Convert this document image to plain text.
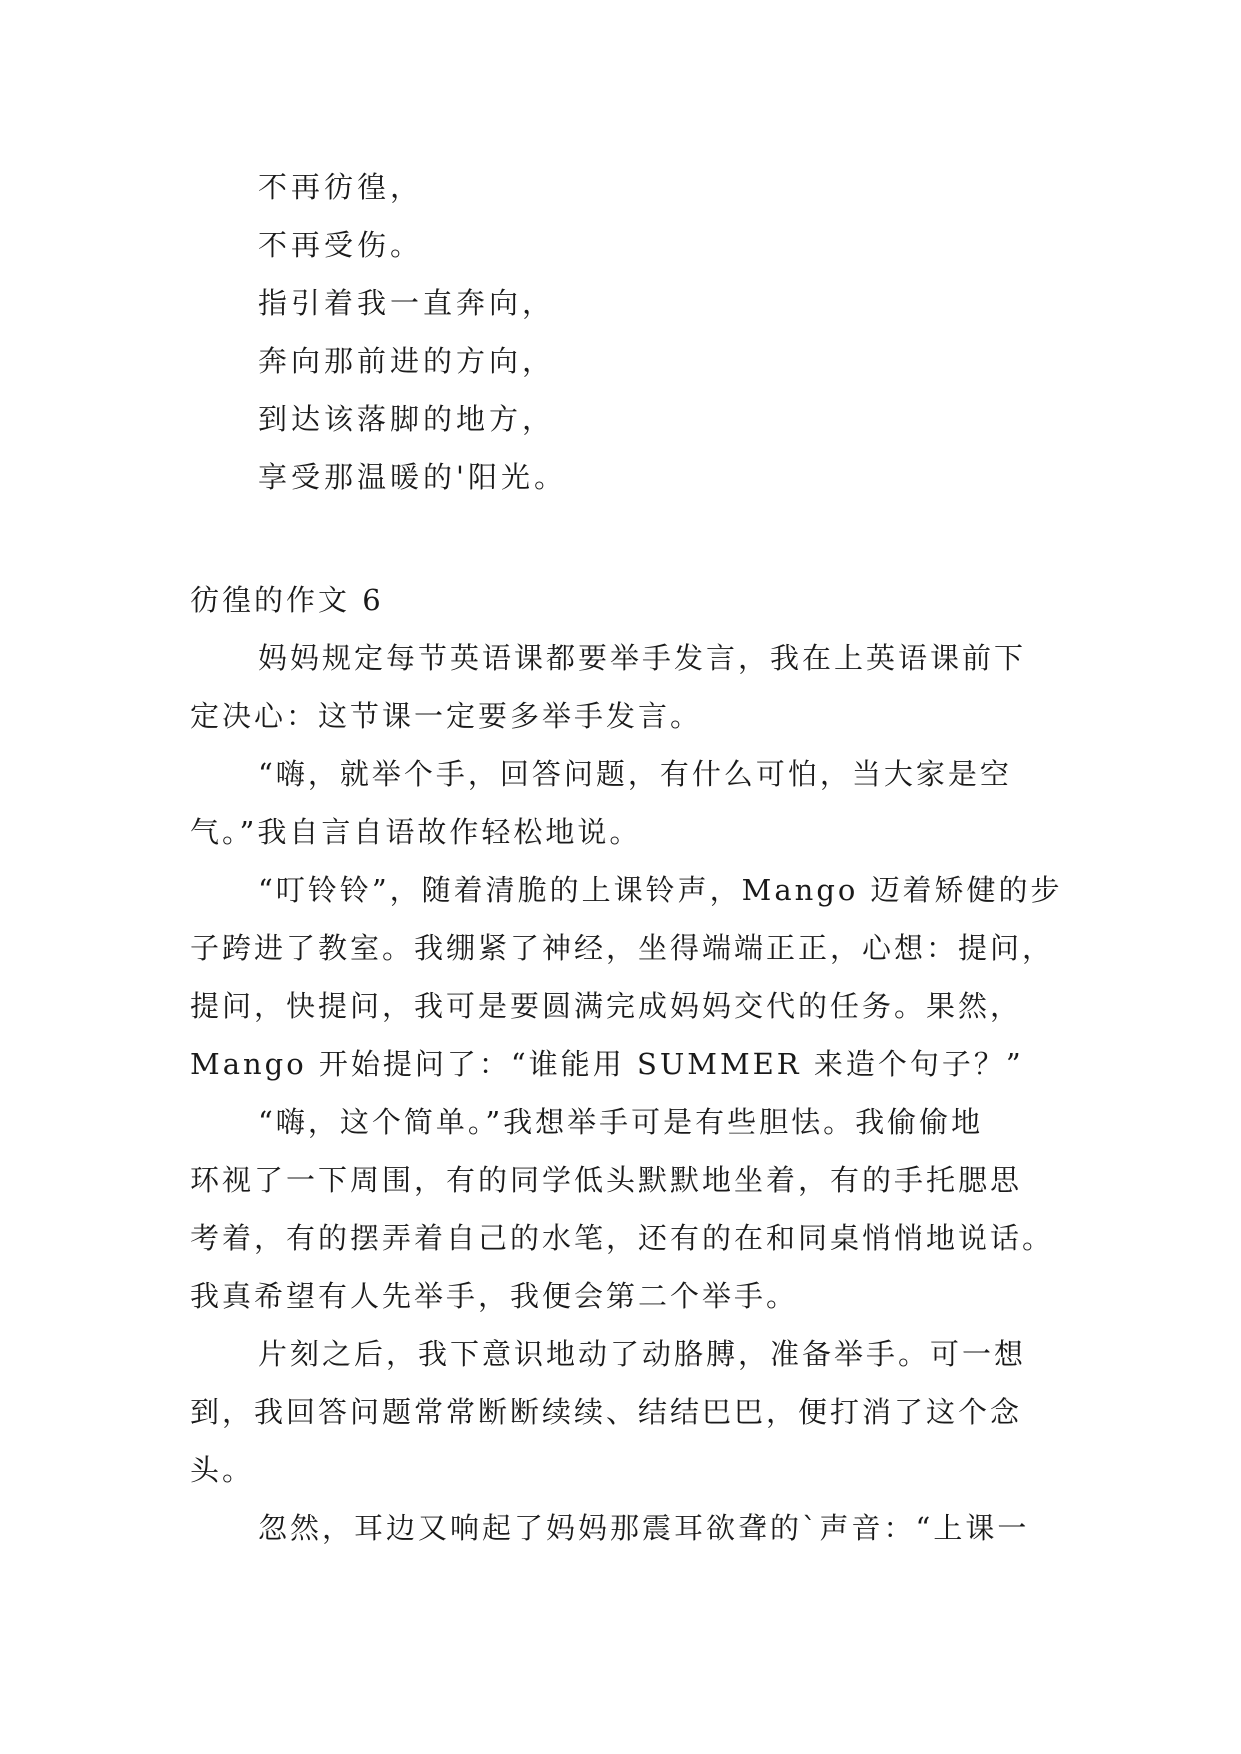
不再彷徨，
不再受伤。
指引着我一直奔向，
奔向那前进的方向，
到达该落脚的地方，
享受那温暖的'阳光。
彷徨的作文 6
妈妈规定每节英语课都要举手发言，我在上英语课前下
定决心：这节课一定要多举手发言。
“嗨，就举个手，回答问题，有什么可怕，当大家是空
气。”我自言自语故作轻松地说。
“叮铃铃”，随着清脆的上课铃声，Mango 迈着矫健的步
子跨进了教室。我绷紧了神经，坐得端端正正，心想：提问，
提问，快提问，我可是要圆满完成妈妈交代的任务。果然，
Mango 开始提问了：“谁能用 SUMMER 来造个句子？”
“嗨，这个简单。”我想举手可是有些胆怯。我偷偷地
环视了一下周围，有的同学低头默默地坐着，有的手托腮思
考着，有的摆弄着自己的水笔，还有的在和同桌悄悄地说话。
我真希望有人先举手，我便会第二个举手。
片刻之后，我下意识地动了动胳膊，准备举手。可一想
到，我回答问题常常断断续续、结结巴巴，便打消了这个念
头。
忽然，耳边又响起了妈妈那震耳欲聋的`声音：“上课一
